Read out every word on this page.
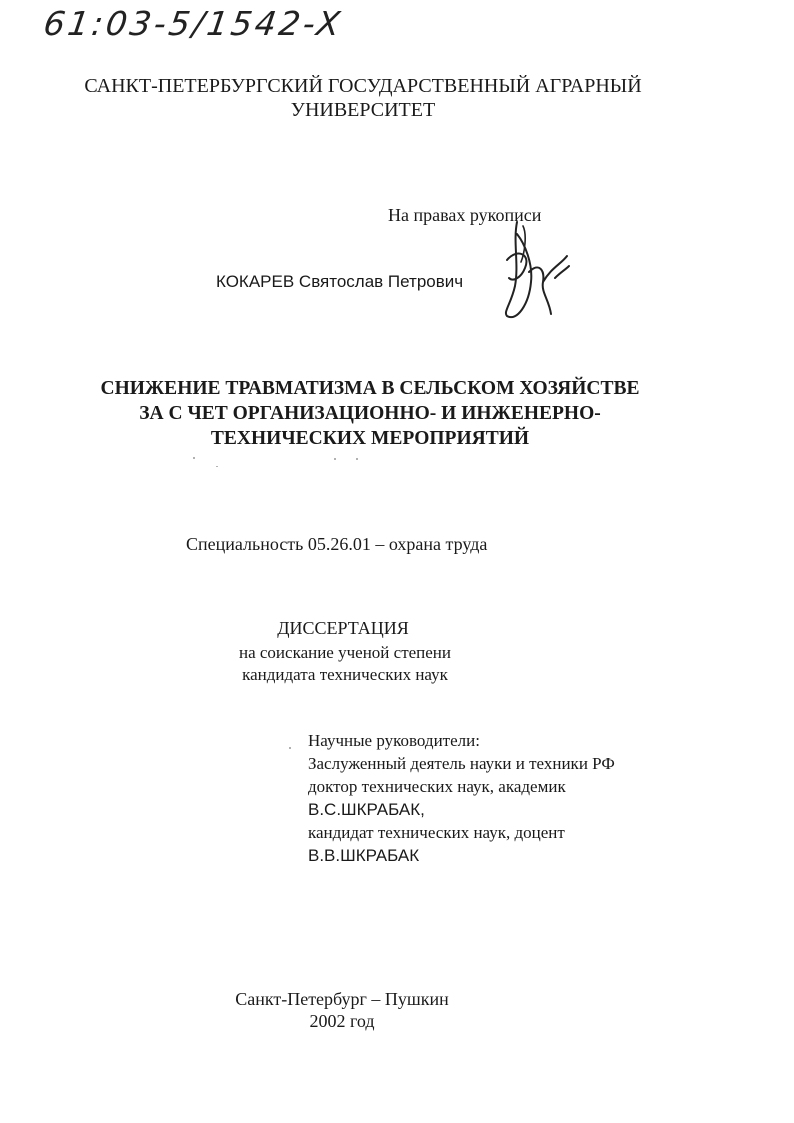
61:03-5/1542-X
САНКТ-ПЕТЕРБУРГСКИЙ ГОСУДАРСТВЕННЫЙ АГРАРНЫЙ
УНИВЕРСИТЕТ
На правах рукописи
КОКАРЕВ Святослав Петрович
СНИЖЕНИЕ ТРАВМАТИЗМА В СЕЛЬСКОМ ХОЗЯЙСТВЕ
ЗА С ЧЕТ ОРГАНИЗАЦИОННО- И ИНЖЕНЕРНО-
ТЕХНИЧЕСКИХ МЕРОПРИЯТИЙ
Специальность 05.26.01 – охрана труда
ДИССЕРТАЦИЯ
на соискание ученой степени
кандидата технических наук
Научные руководители:
Заслуженный деятель науки и техники РФ
доктор технических наук, академик
В.С.ШКРАБАК,
кандидат технических наук, доцент
В.В.ШКРАБАК
Санкт-Петербург – Пушкин
2002 год
